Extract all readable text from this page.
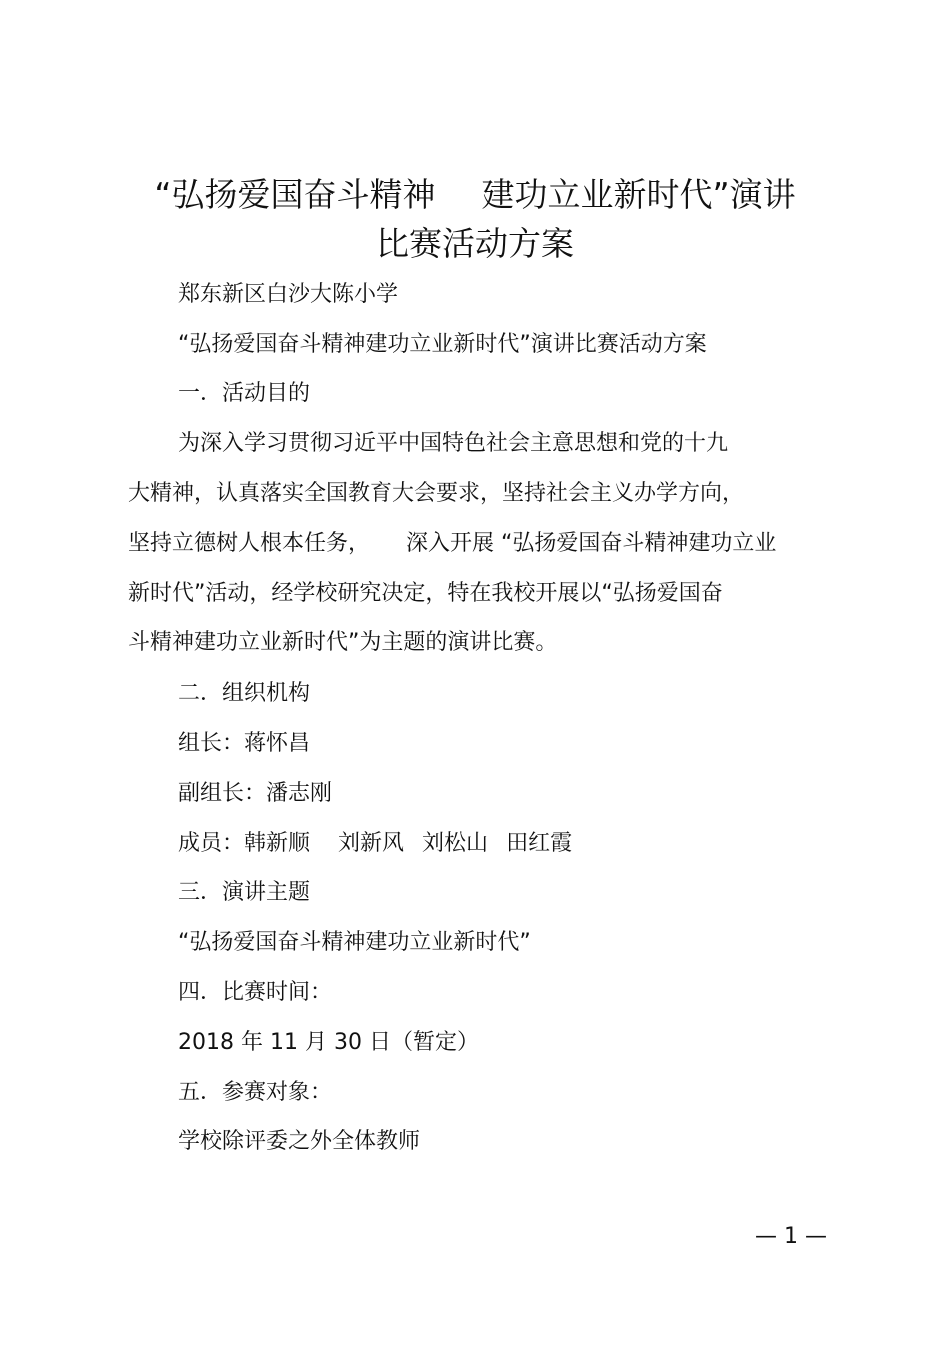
“弘扬爱国奋斗精神 建功立业新时代”演讲
比赛活动方案
郑东新区白沙大陈小学
“弘扬爱国奋斗精神建功立业新时代”演讲比赛活动方案
一．活动目的
为深入学习贯彻习近平中国特色社会主意思想和党的十九
大精神，认真落实全国教育大会要求，坚持社会主义办学方向，
坚持立德树人根本任务， 深入开展 “弘扬爱国奋斗精神建功立业
新时代”活动，经学校研究决定，特在我校开展以“弘扬爱国奋
斗精神建功立业新时代”为主题的演讲比赛。
二．组织机构
组长：蒋怀昌
副组长：潘志刚
成员：韩新顺 刘新风 刘松山 田红霞
三．演讲主题
“弘扬爱国奋斗精神建功立业新时代”
四．比赛时间：
2018 年 11 月 30 日（暂定）
五．参赛对象：
学校除评委之外全体教师
— 1 —
